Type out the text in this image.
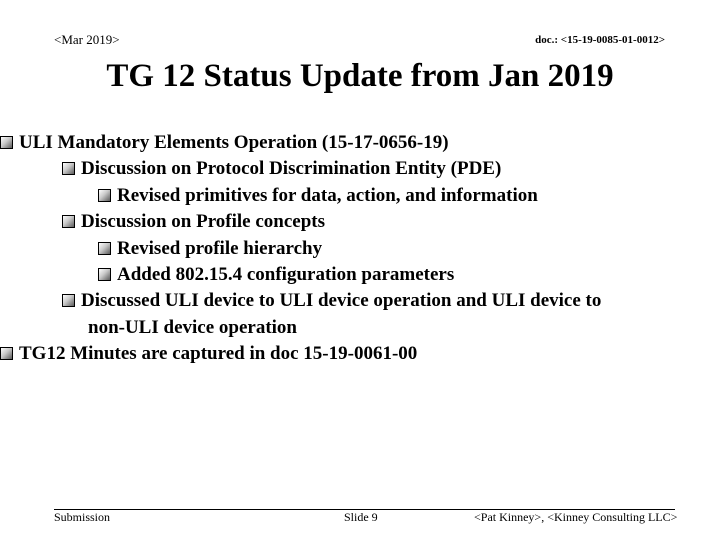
<Mar 2019>	doc.: <15-19-0085-01-0012>
TG 12 Status Update from Jan 2019
ULI Mandatory Elements Operation (15-17-0656-19)
Discussion on Protocol Discrimination Entity (PDE)
Revised primitives for data, action, and information
Discussion on Profile concepts
Revised profile hierarchy
Added 802.15.4 configuration parameters
Discussed ULI device to ULI device operation and ULI device to
non-ULI device operation
TG12 Minutes are captured in doc 15-19-0061-00
Submission	Slide 9	<Pat Kinney>, <Kinney Consulting LLC>
